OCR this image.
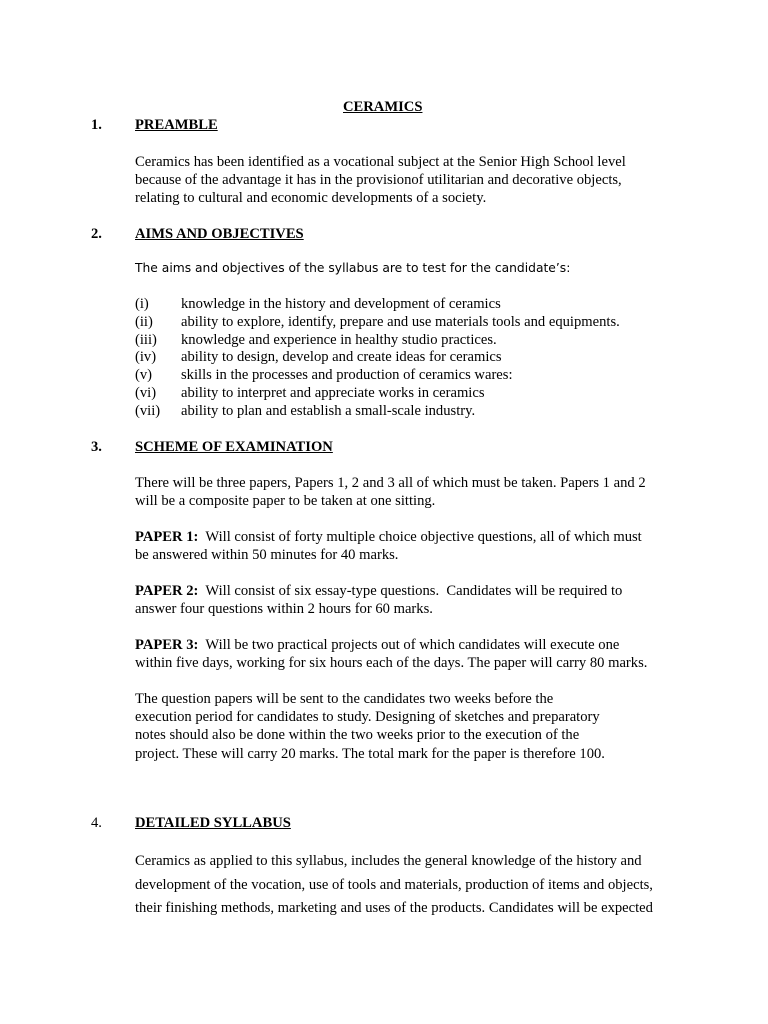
CERAMICS
1. PREAMBLE
Ceramics has been identified as a vocational subject at the Senior High School level
because of the advantage it has in the provisionof utilitarian and decorative objects,
relating to cultural and economic developments of a society.
2. AIMS AND OBJECTIVES
The aims and objectives of the syllabus are to test for the candidate’s:
(i) knowledge in the history and development of ceramics
(ii) ability to explore, identify, prepare and use materials tools and equipments.
(iii) knowledge and experience in healthy studio practices.
(iv) ability to design, develop and create ideas for ceramics
(v) skills in the processes and production of ceramics wares:
(vi) ability to interpret and appreciate works in ceramics
(vii) ability to plan and establish a small-scale industry.
3. SCHEME OF EXAMINATION
There will be three papers, Papers 1, 2 and 3 all of which must be taken. Papers 1 and 2
will be a composite paper to be taken at one sitting.
PAPER 1:  Will consist of forty multiple choice objective questions, all of which must
be answered within 50 minutes for 40 marks.
PAPER 2:  Will consist of six essay-type questions.  Candidates will be required to
answer four questions within 2 hours for 60 marks.
PAPER 3:  Will be two practical projects out of which candidates will execute one
within five days, working for six hours each of the days. The paper will carry 80 marks.
The question papers will be sent to the candidates two weeks before the
execution period for candidates to study. Designing of sketches and preparatory
notes should also be done within the two weeks prior to the execution of the
project. These will carry 20 marks. The total mark for the paper is therefore 100.
4. DETAILED SYLLABUS
Ceramics as applied to this syllabus, includes the general knowledge of the history and
development of the vocation, use of tools and materials, production of items and objects,
their finishing methods, marketing and uses of the products. Candidates will be expected
